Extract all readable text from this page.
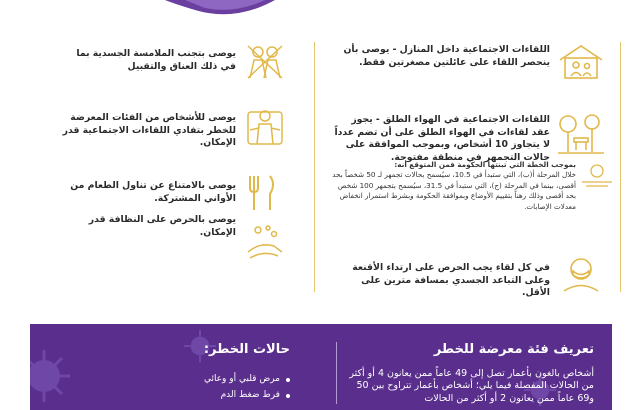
اللقاءات الاجتماعية داخل المنازل - يوصى بأن ينحصر اللقاء على عائلتين مصغرتين فقط.

اللقاءات الاجتماعية في الهواء الطلق - يجوز عقد لقاءات في الهواء الطلق على أن تضم عدداً لا يتجاوز 10 أشخاص، وبموجب الموافقة على حالات التجمهر في منطقة مفتوحة.

بموجب الخطة التي تبنتها الحكومة فمن المتوقع أنه:

خلال المرحلة أ(ب)، التي ستبدأ في 10.5، سيُسمح بحالات تجمهر لـ 50 شخصاً بحد أقصى، بينما في المرحلة (ج)، التي ستبدأ في 31.5، سيُسمح بتجمهر 100 شخص بحد أقصى وذلك رهناً بتقييم الأوضاع وبموافقة الحكومة وبشرط استمرار انخفاض معدلات الإصابات.

في كل لقاء يجب الحرص على ارتداء الأقنعة وعلى التباعد الجسدي بمسافة مترين على الأقل.

يوصى بتجنب الملامسة الجسدية بما في ذلك العناق والتقبيل

يوصى للأشخاص من الفئات المعرضة للخطر بتفادي اللقاءات الاجتماعية قدر الإمكان.

يوصى بالامتناع عن تناول الطعام من الأواني المشتركة.

يوصى بالحرص على النظافة قدر الإمكان.

تعريف فئة معرضة للخطر
أشخاص بالغون بأعمار تصل إلى 49 عاماً ممن يعانون 4 أو أكثر من الحالات المفصلة فيما يلي؛ أشخاص بأعمار تتراوح بين 50 و69 عاماً ممن يعانون 2 أو أكثر من الحالات
حالات الخطر:
مرض قلبي أو وعائي
فرط ضغط الدم
